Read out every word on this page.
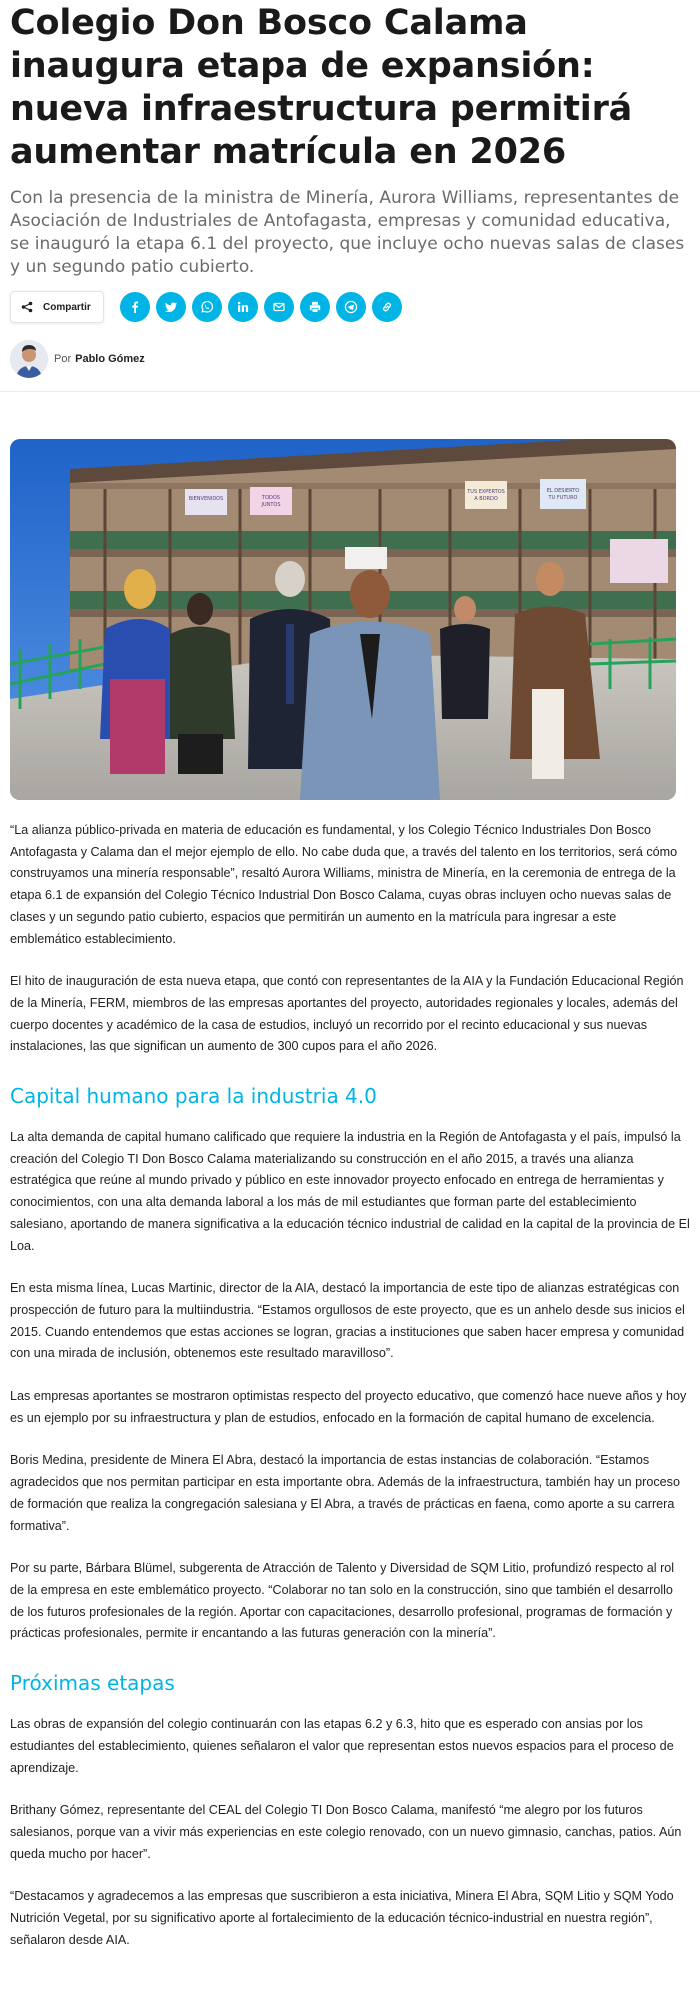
Colegio Don Bosco Calama inaugura etapa de expansión: nueva infraestructura permitirá aumentar matrícula en 2026

Con la presencia de la ministra de Minería, Aurora Williams, representantes de Asociación de Industriales de Antofagasta, empresas y comunidad educativa, se inauguró la etapa 6.1 del proyecto, que incluye ocho nuevas salas de clases y un segundo patio cubierto.

Compartir
Por Pablo Gómez
BIENVENIDOS	TODOS
JUNTOS
TUS EXPERTOS
A BORDO
EL DESIERTO
TU FUTURO

“La alianza público-privada en materia de educación es fundamental, y los Colegio Técnico Industriales Don Bosco Antofagasta y Calama dan el mejor ejemplo de ello. No cabe duda que, a través del talento en los territorios, será cómo construyamos una minería responsable”, resaltó Aurora Williams, ministra de Minería, en la ceremonia de entrega de la etapa 6.1 de expansión del Colegio Técnico Industrial Don Bosco Calama, cuyas obras incluyen ocho nuevas salas de clases y un segundo patio cubierto, espacios que permitirán un aumento en la matrícula para ingresar a este emblemático establecimiento.

El hito de inauguración de esta nueva etapa, que contó con representantes de la AIA y la Fundación Educacional Región de la Minería, FERM, miembros de las empresas aportantes del proyecto, autoridades regionales y locales, además del cuerpo docentes y académico de la casa de estudios, incluyó un recorrido por el recinto educacional y sus nuevas instalaciones, las que significan un aumento de 300 cupos para el año 2026.

Capital humano para la industria 4.0

La alta demanda de capital humano calificado que requiere la industria en la Región de Antofagasta y el país, impulsó la creación del Colegio TI Don Bosco Calama materializando su construcción en el año 2015, a través una alianza estratégica que reúne al mundo privado y público en este innovador proyecto enfocado en entrega de herramientas y conocimientos, con una alta demanda laboral a los más de mil estudiantes que forman parte del establecimiento salesiano, aportando de manera significativa a la educación técnico industrial de calidad en la capital de la provincia de El Loa.

En esta misma línea, Lucas Martinic, director de la AIA, destacó la importancia de este tipo de alianzas estratégicas con prospección de futuro para la multiindustria. “Estamos orgullosos de este proyecto, que es un anhelo desde sus inicios el 2015. Cuando entendemos que estas acciones se logran, gracias a instituciones que saben hacer empresa y comunidad con una mirada de inclusión, obtenemos este resultado maravilloso”.

Las empresas aportantes se mostraron optimistas respecto del proyecto educativo, que comenzó hace nueve años y hoy es un ejemplo por su infraestructura y plan de estudios, enfocado en la formación de capital humano de excelencia.

Boris Medina, presidente de Minera El Abra, destacó la importancia de estas instancias de colaboración. “Estamos agradecidos que nos permitan participar en esta importante obra. Además de la infraestructura, también hay un proceso de formación que realiza la congregación salesiana y El Abra, a través de prácticas en faena, como aporte a su carrera formativa”.

Por su parte, Bárbara Blümel, subgerenta de Atracción de Talento y Diversidad de SQM Litio, profundizó respecto al rol de la empresa en este emblemático proyecto. “Colaborar no tan solo en la construcción, sino que también el desarrollo de los futuros profesionales de la región. Aportar con capacitaciones, desarrollo profesional, programas de formación y prácticas profesionales, permite ir encantando a las futuras generación con la minería”.

Próximas etapas

Las obras de expansión del colegio continuarán con las etapas 6.2 y 6.3, hito que es esperado con ansias por los estudiantes del establecimiento, quienes señalaron el valor que representan estos nuevos espacios para el proceso de aprendizaje.

Brithany Gómez, representante del CEAL del Colegio TI Don Bosco Calama, manifestó “me alegro por los futuros salesianos, porque van a vivir más experiencias en este colegio renovado, con un nuevo gimnasio, canchas, patios. Aún queda mucho por hacer”.

“Destacamos y agradecemos a las empresas que suscribieron a esta iniciativa, Minera El Abra, SQM Litio y SQM Yodo Nutrición Vegetal, por su significativo aporte al fortalecimiento de la educación técnico-industrial en nuestra región”, señalaron desde AIA.
